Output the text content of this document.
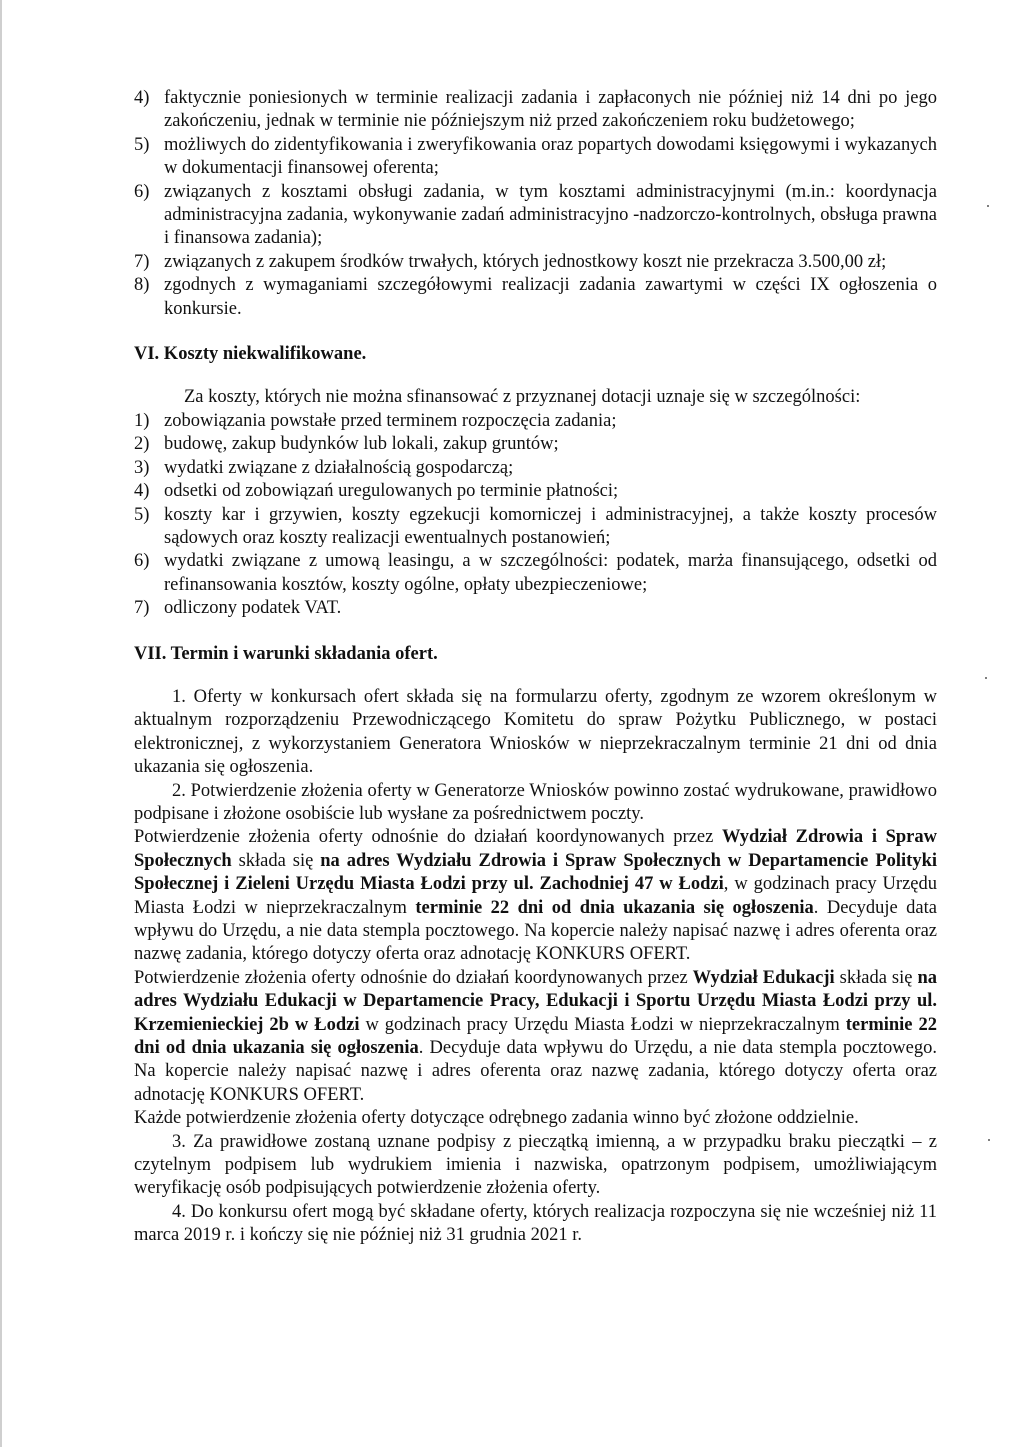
4) faktycznie poniesionych w terminie realizacji zadania i zapłaconych nie później niż 14 dni po jego zakończeniu, jednak w terminie nie późniejszym niż przed zakończeniem roku budżetowego;
5) możliwych do zidentyfikowania i zweryfikowania oraz popartych dowodami księgowymi i wykazanych w dokumentacji finansowej oferenta;
6) związanych z kosztami obsługi zadania, w tym kosztami administracyjnymi (m.in.: koordynacja administracyjna zadania, wykonywanie zadań administracyjno -nadzorczo-kontrolnych, obsługa prawna i finansowa zadania);
7) związanych z zakupem środków trwałych, których jednostkowy koszt nie przekracza 3.500,00 zł;
8) zgodnych z wymaganiami szczegółowymi realizacji zadania zawartymi w części IX ogłoszenia o konkursie.
VI. Koszty niekwalifikowane.

Za koszty, których nie można sfinansować z przyznanej dotacji uznaje się w szczególności:

1) zobowiązania powstałe przed terminem rozpoczęcia zadania;
2) budowę, zakup budynków lub lokali, zakup gruntów;
3) wydatki związane z działalnością gospodarczą;
4) odsetki od zobowiązań uregulowanych po terminie płatności;
5) koszty kar i grzywien, koszty egzekucji komorniczej i administracyjnej, a także koszty procesów sądowych oraz koszty realizacji ewentualnych postanowień;
6) wydatki związane z umową leasingu, a w szczególności: podatek, marża finansującego, odsetki od refinansowania kosztów, koszty ogólne, opłaty ubezpieczeniowe;
7) odliczony podatek VAT.
VII. Termin i warunki składania ofert.

1. Oferty w konkursach ofert składa się na formularzu oferty, zgodnym ze wzorem określonym w aktualnym rozporządzeniu Przewodniczącego Komitetu do spraw Pożytku Publicznego, w postaci elektronicznej, z wykorzystaniem Generatora Wniosków w nieprzekraczalnym terminie 21 dni od dnia ukazania się ogłoszenia.

2. Potwierdzenie złożenia oferty w Generatorze Wniosków powinno zostać wydrukowane, prawidłowo podpisane i złożone osobiście lub wysłane za pośrednictwem poczty.

Potwierdzenie złożenia oferty odnośnie do działań koordynowanych przez Wydział Zdrowia i Spraw Społecznych składa się na adres Wydziału Zdrowia i Spraw Społecznych w Departamencie Polityki Społecznej i Zieleni Urzędu Miasta Łodzi przy ul. Zachodniej 47 w Łodzi, w godzinach pracy Urzędu Miasta Łodzi w nieprzekraczalnym terminie 22 dni od dnia ukazania się ogłoszenia. Decyduje data wpływu do Urzędu, a nie data stempla pocztowego. Na kopercie należy napisać nazwę i adres oferenta oraz nazwę zadania, którego dotyczy oferta oraz adnotację KONKURS OFERT.

Potwierdzenie złożenia oferty odnośnie do działań koordynowanych przez Wydział Edukacji składa się na adres Wydziału Edukacji w Departamencie Pracy, Edukacji i Sportu Urzędu Miasta Łodzi przy ul. Krzemienieckiej 2b w Łodzi w godzinach pracy Urzędu Miasta Łodzi w nieprzekraczalnym terminie 22 dni od dnia ukazania się ogłoszenia. Decyduje data wpływu do Urzędu, a nie data stempla pocztowego. Na kopercie należy napisać nazwę i adres oferenta oraz nazwę zadania, którego dotyczy oferta oraz adnotację KONKURS OFERT.

Każde potwierdzenie złożenia oferty dotyczące odrębnego zadania winno być złożone oddzielnie.

3. Za prawidłowe zostaną uznane podpisy z pieczątką imienną, a w przypadku braku pieczątki – z czytelnym podpisem lub wydrukiem imienia i nazwiska, opatrzonym podpisem, umożliwiającym weryfikację osób podpisujących potwierdzenie złożenia oferty.

4. Do konkursu ofert mogą być składane oferty, których realizacja rozpoczyna się nie wcześniej niż 11 marca 2019 r. i kończy się nie później niż 31 grudnia 2021 r.
